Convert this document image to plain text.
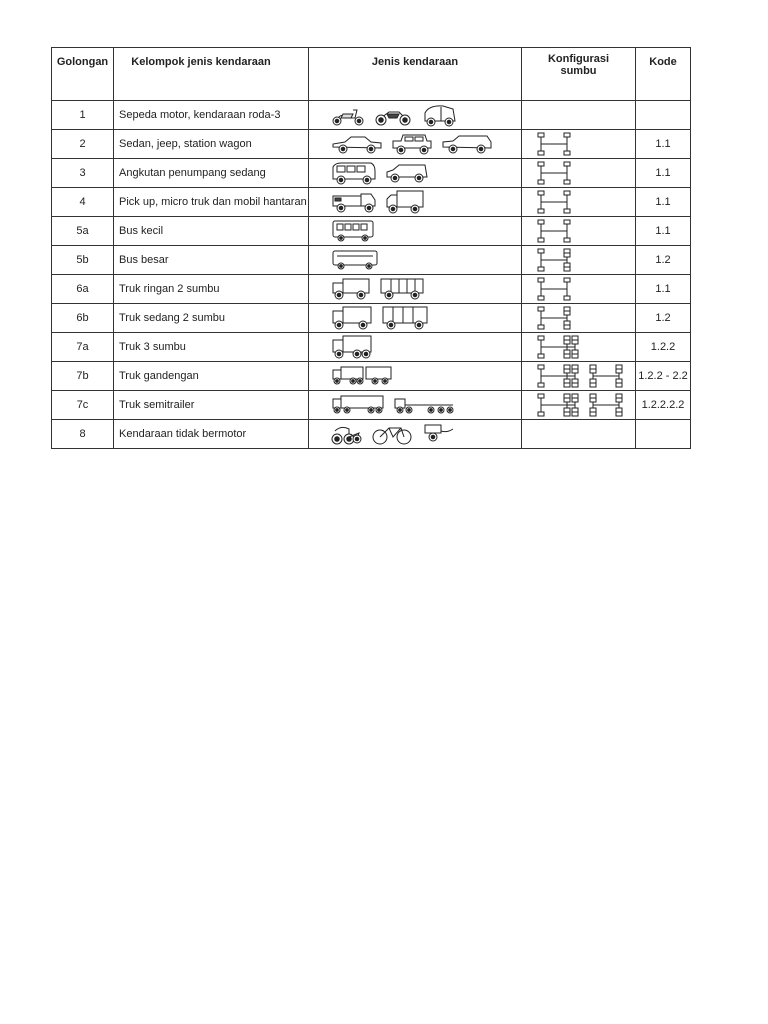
Golongan	Kelompok jenis kendaraan	Jenis kendaraan	Konfigurasi sumbu	Kode
1	Sepeda motor, kendaraan roda-3	

2	Sedan, jeep, station wagon			1.1
3	Angkutan penumpang sedang			1.1
4	Pick up, micro truk dan mobil hantaran			1.1
5a	Bus kecil			1.1
5b	Bus besar			1.2
6a	Truk ringan 2 sumbu			1.1
6b	Truk sedang 2 sumbu			1.2
7a	Truk 3 sumbu			1.2.2
7b	Truk gandengan			1.2.2 - 2.2
7c	Truk semitrailer			1.2.2.2.2
8	Kendaraan tidak bermotor	
